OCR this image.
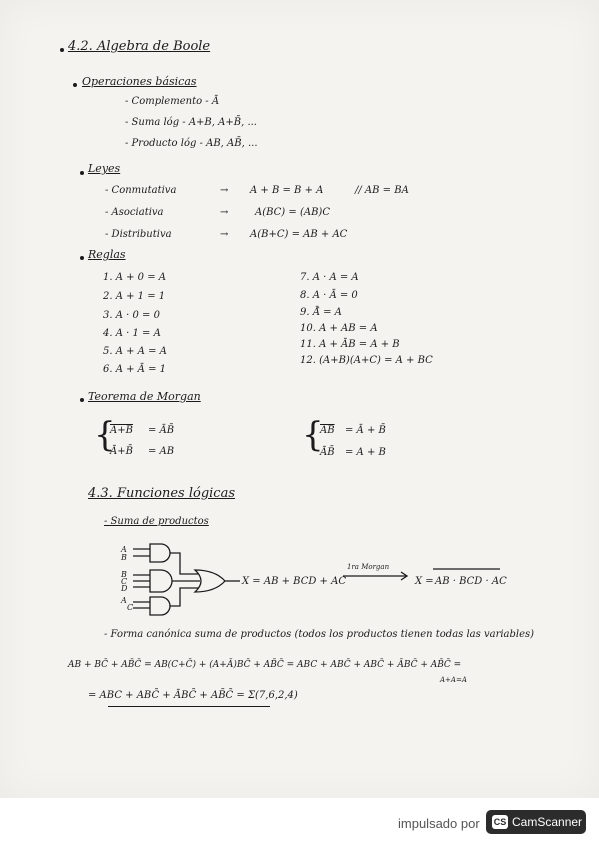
4.2. Algebra de Boole
Operaciones básicas
- Complemento - Ā
- Suma lóg - A+B, A+B̄, ...
- Producto lóg - AB, AB̄, ...
Leyes
- Conmutativa	→ A + B = B + A	// AB = BA
- Asociativa	→	A(BC) = (AB)C
- Distributiva	→ A(B+C) = AB + AC
Reglas
1. A + 0 = A
2. A + 1 = 1
3. A · 0 = 0
4. A · 1 = A
5. A + A = A
6. A + Ā = 1
7. A · A = A
8. A · Ā = 0
9. Ā̄ = A
10. A + AB = A
11. A + ĀB = A + B
12. (A+B)(A+C) = A + BC
Teorema de Morgan
{
A+B = ĀB̄
Ā+B̄ = AB	{
$\overline{AB}$ = Ā + B̄
ĀB̄ = A + B
4.3. Funciones lógicas
- Suma de productos
A
B
B
C
D
A
C
X = AB + BCD + AC
1ra Morgan
X = AB · BCD · AC
- Forma canónica suma de productos (todos los productos tienen todas las variables)
AB + BC̄ + AB̄C̄ = AB(C+C̄) + (A+Ā)BC̄ + AB̄C̄ = ABC + ABC̄ + ABC̄ + ĀBC̄ + AB̄C̄ =
A+A=A
= ABC + ABC̄ + ĀBC̄ + AB̄C̄ = Σ(7,6,2,4)
impulsado por CS CamScanner
